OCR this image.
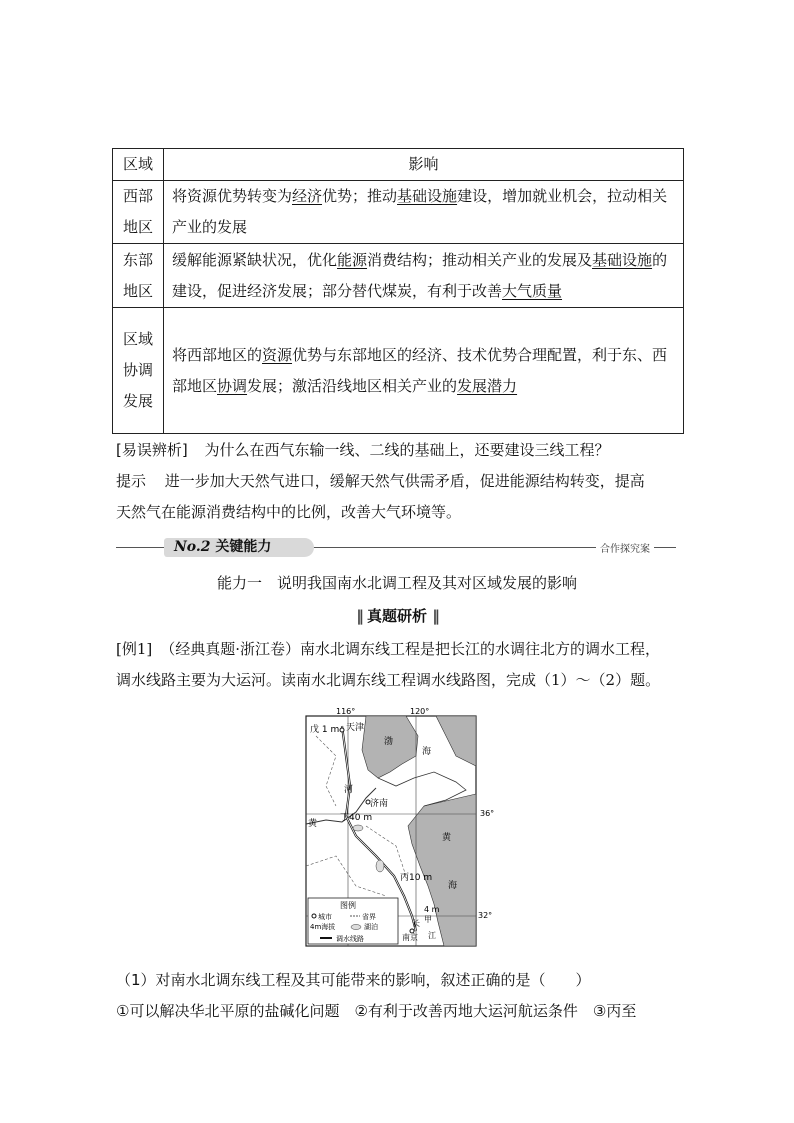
区域	影响

西部地区	将资源优势转变为经济优势；推动基础设施建设，增加就业机会，拉动相关产业的发展

东部地区	缓解能源紧缺状况，优化能源消费结构；推动相关产业的发展及基础设施的建设，促进经济发展；部分替代煤炭，有利于改善大气质量

区域协调发展	将西部地区的资源优势与东部地区的经济、技术优势合理配置，利于东、西部地区协调发展；激活沿线地区相关产业的发展潜力
[易误辨析] 为什么在西气东输一线、二线的基础上，还要建设三线工程？
提示 进一步加大天然气进口，缓解天然气供需矛盾，促进能源结构转变，提高
天然气在能源消费结构中的比例，改善大气环境等。
No.2 关键能力	合作探究案
能力一　说明我国南水北调工程及其对区域发展的影响
‖ 真题研析 ‖
[例1] （经典真题·浙江卷）南水北调东线工程是把长江的水调往北方的调水工程，
调水线路主要为大运河。读南水北调东线工程调水线路图，完成（1）～（2）题。
116°	120°
戊 1 m 天津
渤
海
河
济南
丁40 m
黄
黄
海
丙10 m
4 m
甲
南京
长
江
36°
32°
图例
城市	省界
4m海拔	湖泊
调水线路
（1）对南水北调东线工程及其可能带来的影响，叙述正确的是（　　）
①可以解决华北平原的盐碱化问题　②有利于改善丙地大运河航运条件　③丙至
